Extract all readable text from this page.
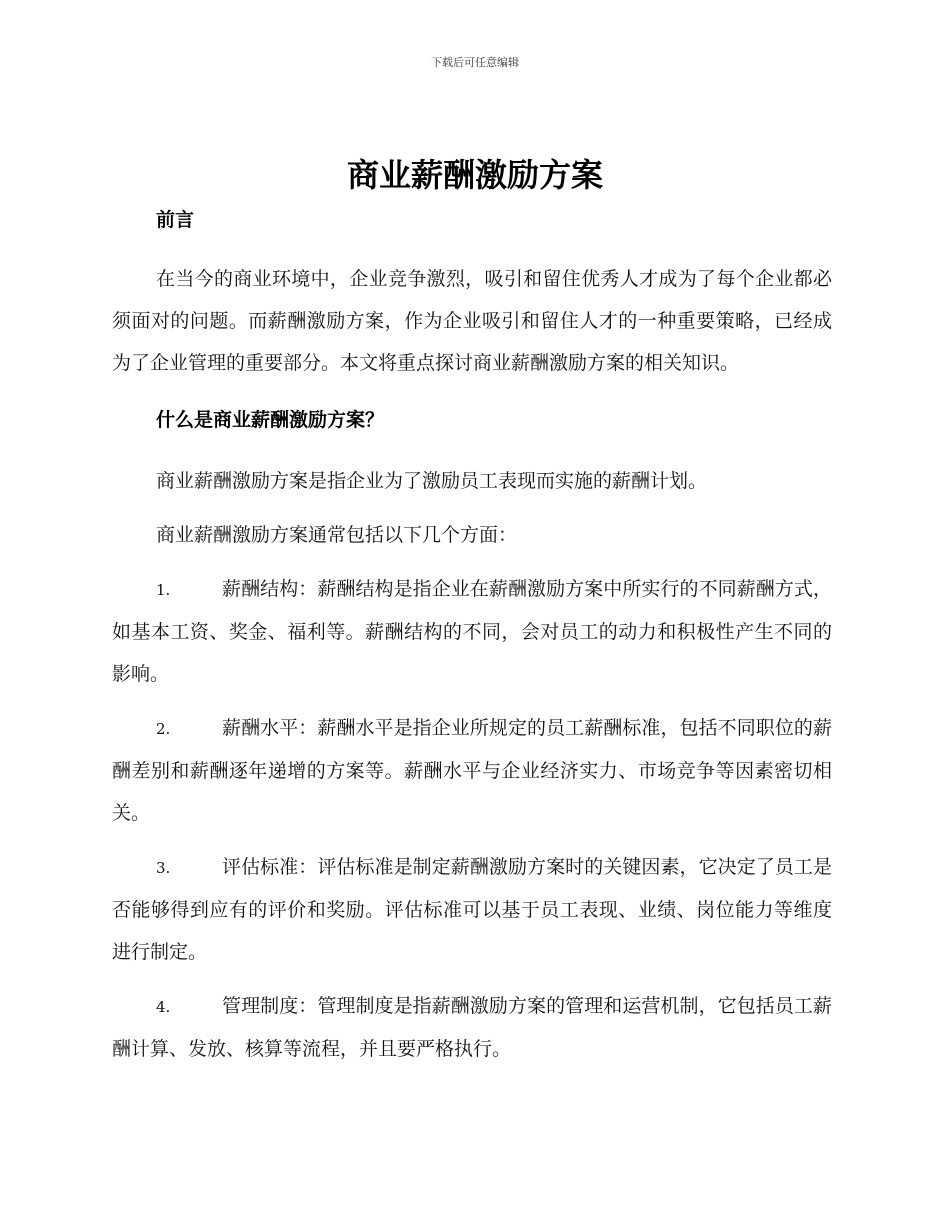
下载后可任意编辑
商业薪酬激励方案

前言

在当今的商业环境中，企业竞争激烈，吸引和留住优秀人才成为了每个企业都必须面对的问题。而薪酬激励方案，作为企业吸引和留住人才的一种重要策略，已经成为了企业管理的重要部分。本文将重点探讨商业薪酬激励方案的相关知识。

什么是商业薪酬激励方案？

商业薪酬激励方案是指企业为了激励员工表现而实施的薪酬计划。

商业薪酬激励方案通常包括以下几个方面：

1.	薪酬结构：薪酬结构是指企业在薪酬激励方案中所实行的不同薪酬方式，如基本工资、奖金、福利等。薪酬结构的不同，会对员工的动力和积极性产生不同的影响。

2.	薪酬水平：薪酬水平是指企业所规定的员工薪酬标准，包括不同职位的薪酬差别和薪酬逐年递增的方案等。薪酬水平与企业经济实力、市场竞争等因素密切相关。

3.	评估标准：评估标准是制定薪酬激励方案时的关键因素，它决定了员工是否能够得到应有的评价和奖励。评估标准可以基于员工表现、业绩、岗位能力等维度进行制定。

4.	管理制度：管理制度是指薪酬激励方案的管理和运营机制，它包括员工薪酬计算、发放、核算等流程，并且要严格执行。
